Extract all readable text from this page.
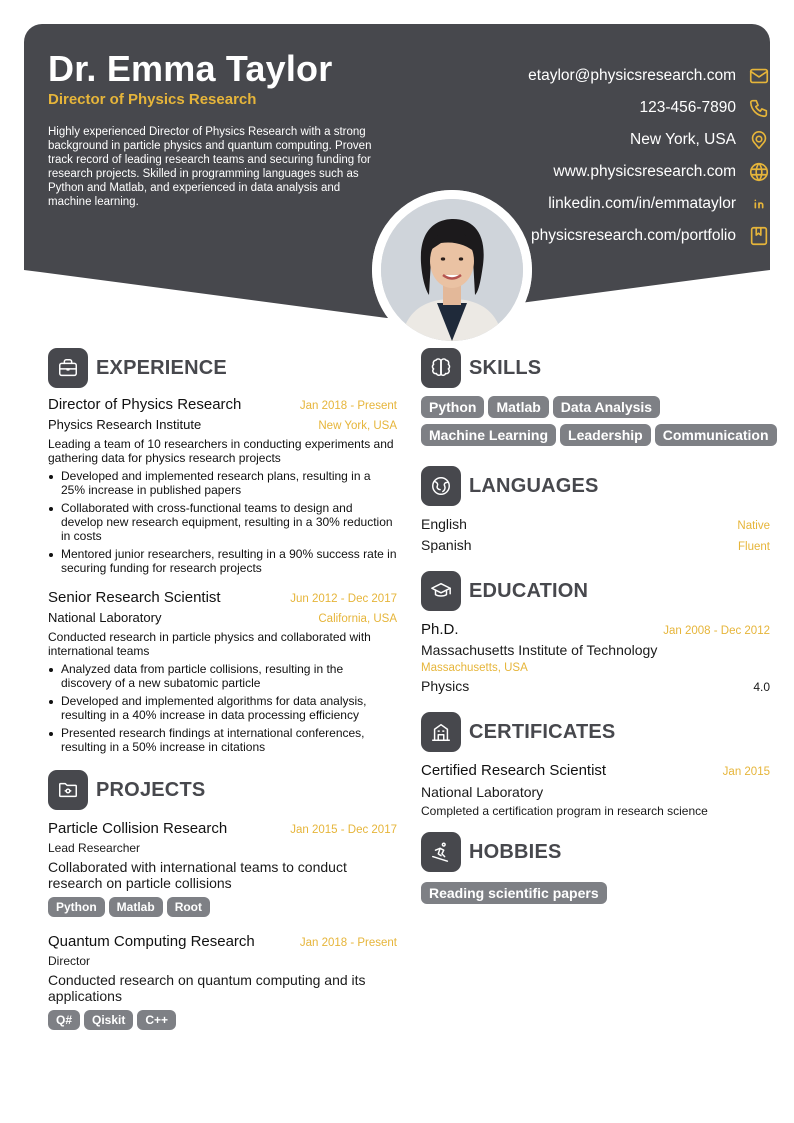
Dr. Emma Taylor
Director of Physics Research
Highly experienced Director of Physics Research with a strong background in particle physics and quantum computing. Proven track record of leading research teams and securing funding for research projects. Skilled in programming languages such as Python and Matlab, and experienced in data analysis and machine learning.
etaylor@physicsresearch.com
123-456-7890
New York, USA
www.physicsresearch.com
linkedin.com/in/emmataylor
physicsresearch.com/portfolio
EXPERIENCE
Director of Physics Research	Jan 2018 - Present
Physics Research Institute	New York, USA
Leading a team of 10 researchers in conducting experiments and gathering data for physics research projects
Developed and implemented research plans, resulting in a 25% increase in published papers
Collaborated with cross-functional teams to design and develop new research equipment, resulting in a 30% reduction in costs
Mentored junior researchers, resulting in a 90% success rate in securing funding for research projects
Senior Research Scientist	Jun 2012 - Dec 2017
National Laboratory	California, USA
Conducted research in particle physics and collaborated with international teams
Analyzed data from particle collisions, resulting in the discovery of a new subatomic particle
Developed and implemented algorithms for data analysis, resulting in a 40% increase in data processing efficiency
Presented research findings at international conferences, resulting in a 50% increase in citations
PROJECTS
Particle Collision Research	Jan 2015 - Dec 2017
Lead Researcher
Collaborated with international teams to conduct research on particle collisions
Python Matlab Root
Quantum Computing Research	Jan 2018 - Present
Director
Conducted research on quantum computing and its applications
Q# Qiskit C++
SKILLS
Python Matlab Data Analysis
Machine Learning Leadership Communication
LANGUAGES
English	Native
Spanish	Fluent
EDUCATION
Ph.D.	Jan 2008 - Dec 2012
Massachusetts Institute of Technology
Massachusetts, USA
Physics	4.0
CERTIFICATES
Certified Research Scientist	Jan 2015
National Laboratory
Completed a certification program in research science
HOBBIES
Reading scientific papers
